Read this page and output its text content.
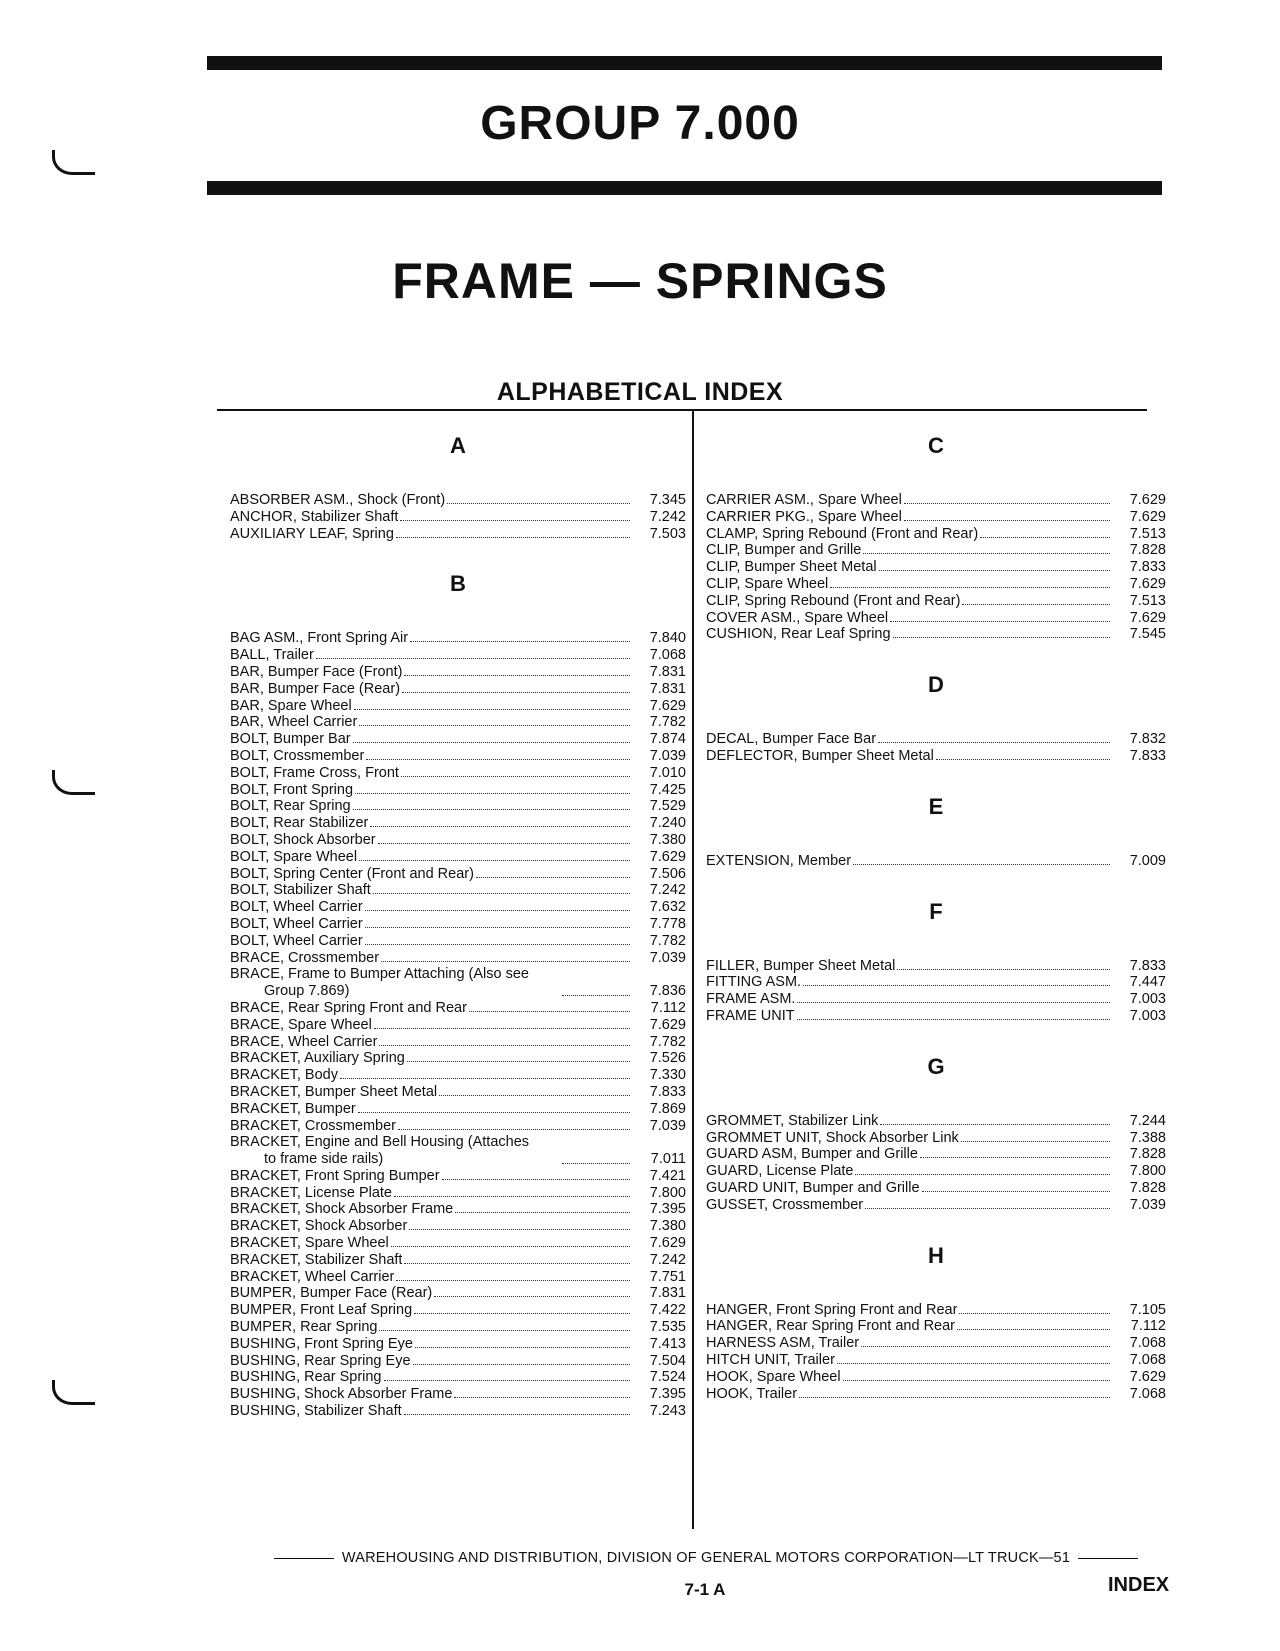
GROUP 7.000
FRAME — SPRINGS
ALPHABETICAL INDEX
A
ABSORBER ASM., Shock (Front)	7.345
ANCHOR, Stabilizer Shaft	7.242
AUXILIARY LEAF, Spring	7.503
B
BAG ASM., Front Spring Air	7.840
BALL, Trailer	7.068
BAR, Bumper Face (Front)	7.831
BAR, Bumper Face (Rear)	7.831
BAR, Spare Wheel	7.629
BAR, Wheel Carrier	7.782
BOLT, Bumper Bar	7.874
BOLT, Crossmember	7.039
BOLT, Frame Cross, Front	7.010
BOLT, Front Spring	7.425
BOLT, Rear Spring	7.529
BOLT, Rear Stabilizer	7.240
BOLT, Shock Absorber	7.380
BOLT, Spare Wheel	7.629
BOLT, Spring Center (Front and Rear)	7.506
BOLT, Stabilizer Shaft	7.242
BOLT, Wheel Carrier	7.632
BOLT, Wheel Carrier	7.778
BOLT, Wheel Carrier	7.782
BRACE, Crossmember	7.039
BRACE, Frame to Bumper Attaching (Also see
Group 7.869)	7.836
BRACE, Rear Spring Front and Rear	7.112
BRACE, Spare Wheel	7.629
BRACE, Wheel Carrier	7.782
BRACKET, Auxiliary Spring	7.526
BRACKET, Body	7.330
BRACKET, Bumper Sheet Metal	7.833
BRACKET, Bumper	7.869
BRACKET, Crossmember	7.039
BRACKET, Engine and Bell Housing (Attaches
to frame side rails)	7.011
BRACKET, Front Spring Bumper	7.421
BRACKET, License Plate	7.800
BRACKET, Shock Absorber Frame	7.395
BRACKET, Shock Absorber	7.380
BRACKET, Spare Wheel	7.629
BRACKET, Stabilizer Shaft	7.242
BRACKET, Wheel Carrier	7.751
BUMPER, Bumper Face (Rear)	7.831
BUMPER, Front Leaf Spring	7.422
BUMPER, Rear Spring	7.535
BUSHING, Front Spring Eye	7.413
BUSHING, Rear Spring Eye	7.504
BUSHING, Rear Spring	7.524
BUSHING, Shock Absorber Frame	7.395
BUSHING, Stabilizer Shaft	7.243
C
CARRIER ASM., Spare Wheel	7.629
CARRIER PKG., Spare Wheel	7.629
CLAMP, Spring Rebound (Front and Rear)	7.513
CLIP, Bumper and Grille	7.828
CLIP, Bumper Sheet Metal	7.833
CLIP, Spare Wheel	7.629
CLIP, Spring Rebound (Front and Rear)	7.513
COVER ASM., Spare Wheel	7.629
CUSHION, Rear Leaf Spring	7.545
D
DECAL, Bumper Face Bar	7.832
DEFLECTOR, Bumper Sheet Metal	7.833
E
EXTENSION, Member	7.009
F
FILLER, Bumper Sheet Metal	7.833
FITTING ASM.	7.447
FRAME ASM.	7.003
FRAME UNIT	7.003
G
GROMMET, Stabilizer Link	7.244
GROMMET UNIT, Shock Absorber Link	7.388
GUARD ASM, Bumper and Grille	7.828
GUARD, License Plate	7.800
GUARD UNIT, Bumper and Grille	7.828
GUSSET, Crossmember	7.039
H
HANGER, Front Spring Front and Rear	7.105
HANGER, Rear Spring Front and Rear	7.112
HARNESS ASM, Trailer	7.068
HITCH UNIT, Trailer	7.068
HOOK, Spare Wheel	7.629
HOOK, Trailer	7.068
WAREHOUSING AND DISTRIBUTION, DIVISION OF GENERAL MOTORS CORPORATION—LT TRUCK—51
7-1 A	INDEX
